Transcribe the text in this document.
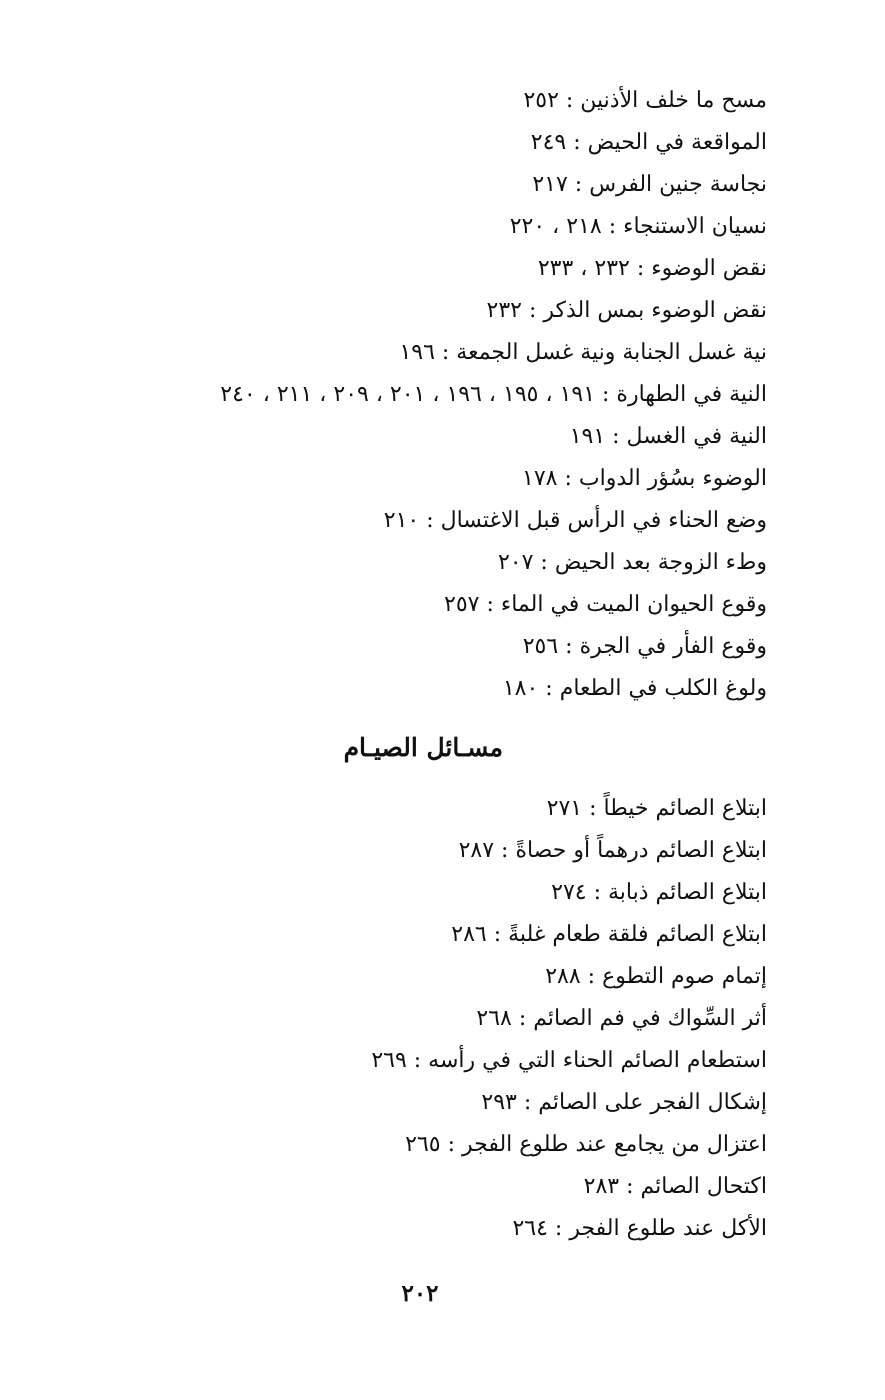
مسح ما خلف الأذنين : ٢٥٢
المواقعة في الحيض : ٢٤٩
نجاسة جنين الفرس : ٢١٧
نسيان الاستنجاء : ٢١٨ ، ٢٢٠
نقض الوضوء : ٢٣٢ ، ٢٣٣
نقض الوضوء بمس الذكر : ٢٣٢
نية غسل الجنابة ونية غسل الجمعة : ١٩٦
النية في الطهارة : ١٩١ ، ١٩٥ ، ١٩٦ ، ٢٠١ ، ٢٠٩ ، ٢١١ ، ٢٤٠
النية في الغسل : ١٩١
الوضوء بسُؤر الدواب : ١٧٨
وضع الحناء في الرأس قبل الاغتسال : ٢١٠
وطء الزوجة بعد الحيض : ٢٠٧
وقوع الحيوان الميت في الماء : ٢٥٧
وقوع الفأر في الجرة : ٢٥٦
ولوغ الكلب في الطعام : ١٨٠
مسـائل الصيـام
ابتلاع الصائم خيطاً : ٢٧١
ابتلاع الصائم درهماً أو حصاةً : ٢٨٧
ابتلاع الصائم ذبابة : ٢٧٤
ابتلاع الصائم فلقة طعام غلبةً : ٢٨٦
إتمام صوم التطوع : ٢٨٨
أثر السِّواك في فم الصائم : ٢٦٨
استطعام الصائم الحناء التي في رأسه : ٢٦٩
إشكال الفجر على الصائم : ٢٩٣
اعتزال من يجامع عند طلوع الفجر : ٢٦٥
اكتحال الصائم : ٢٨٣
الأكل عند طلوع الفجر : ٢٦٤
٢٠٢
